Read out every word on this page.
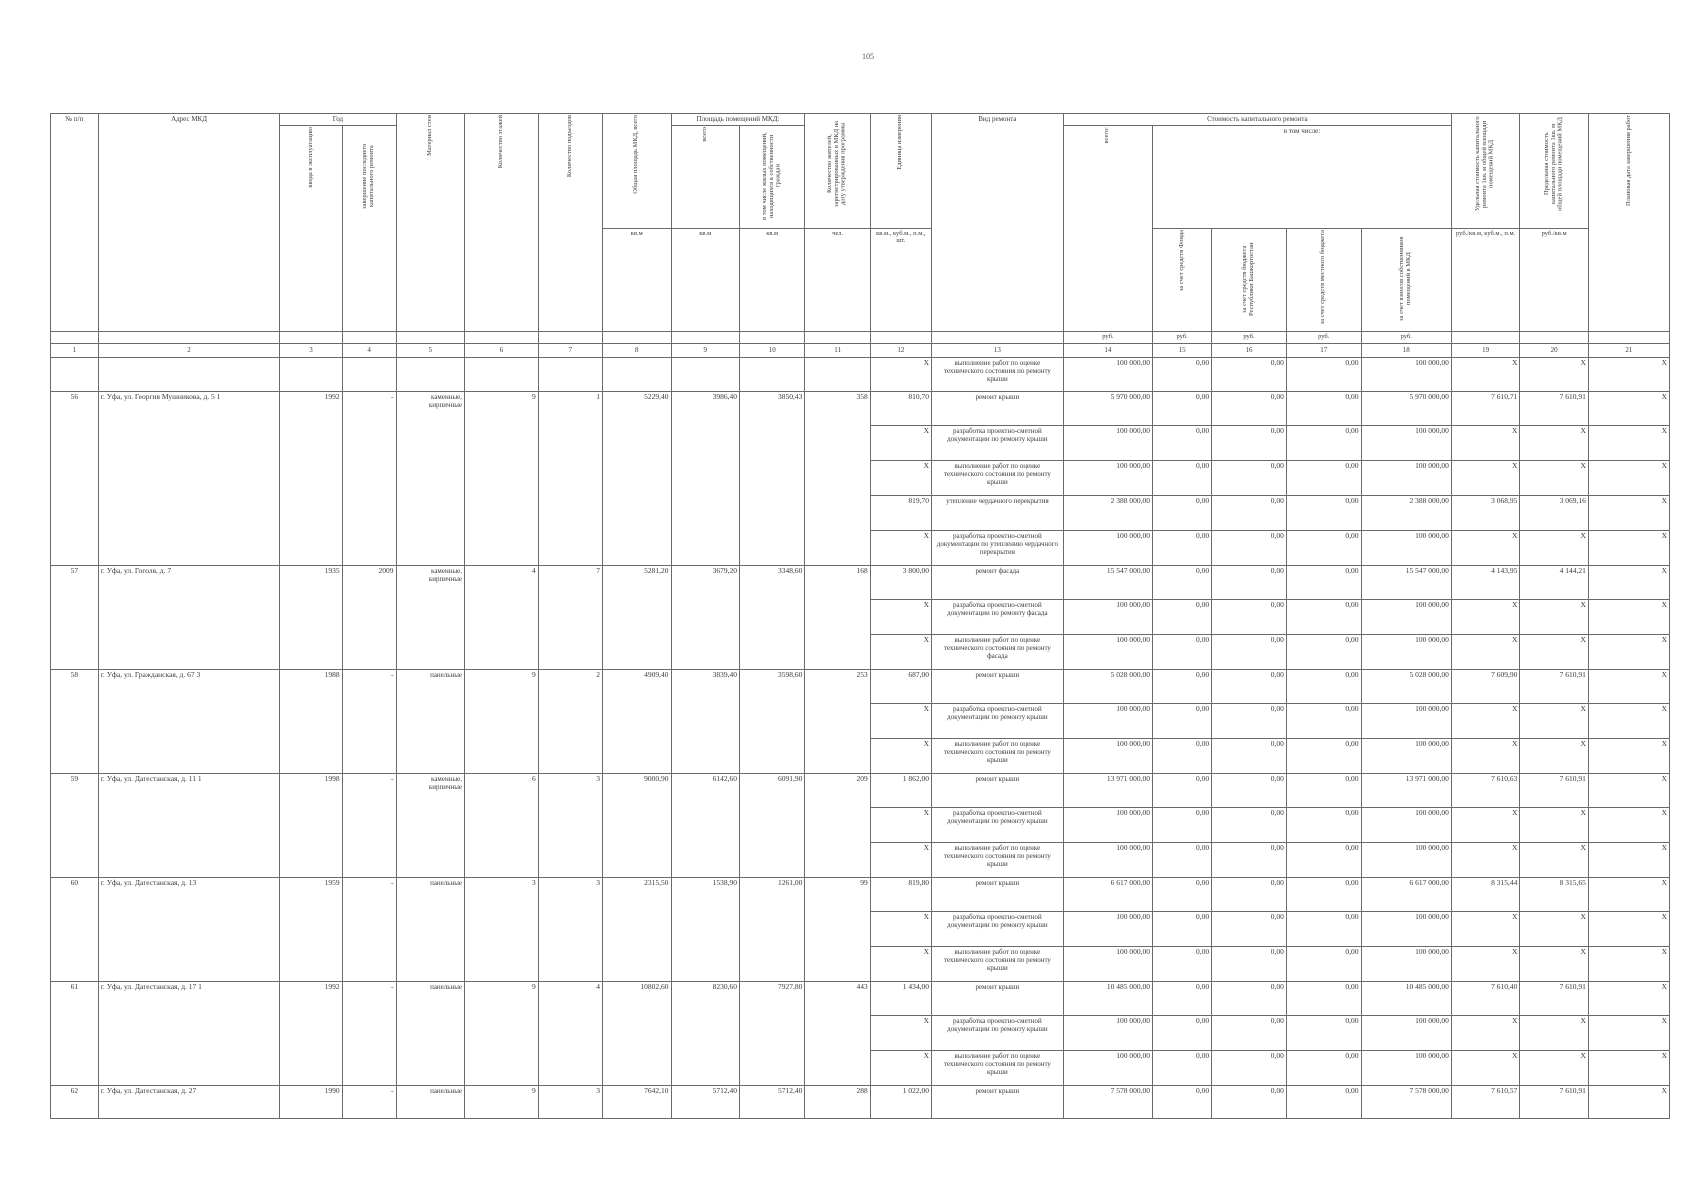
105
№ п/п	Адрес МКД	Год		Материал стен	Количество этажей	Количество подъездов	Общая площадь МКД, всего	Площадь помещений МКД:		Количество жителей, зарегистрированных в МКД на дату утверждения программы	Единица измерения	Вид ремонта	Стоимость капитального ремонта					Удельная стоимость капитального ремонта 1кв. м общей площади помещений МКД	Предельная стоимость капитального ремонта 1кв. м общей площади помещений МКД	Плановая дата завершения работ

		ввода в эксплуатацию	завершение последнего капитального ремонта					всего	в том числе жилых помещений, находящихся в собственности граждан				всего:	в том числе:						
							кв.м	кв.м	кв.м	чел.	кв.м., куб.м., п.м., шт.			за счет средств Фонда	за счет средств бюджета Республики Башкортостан	за счет средств местного бюджета	за счет взносов собственников помещений в МКД	руб./кв.м, куб.м., п.м.	руб./кв.м	
													руб.	руб.	руб.	руб.	руб.			
1	2	3	4	5	6	7	8	9	10	11	12	13	14	15	16	17	18	19	20	21
											X	выполнение работ по оценке технического состояния по ремонту крыши	100 000,00	0,00	0,00	0,00	100 000,00	X	X	X
56	г. Уфа, ул. Георгия Мушникова, д. 5 1	1992	-	каменные, кирпичные	9	1	5229,40	3986,40	3850,43	358	810,70	ремонт крыши	5 970 000,00	0,00	0,00	0,00	5 970 000,00	7 610,71	7 610,91	X
											X	разработка проектно-сметной документации по ремонту крыши	100 000,00	0,00	0,00	0,00	100 000,00	X	X	X
											X	выполнение работ по оценке технического состояния по ремонту крыши	100 000,00	0,00	0,00	0,00	100 000,00	X	X	X
											819,70	утепление чердачного перекрытия	2 388 000,00	0,00	0,00	0,00	2 388 000,00	3 068,95	3 069,16	X
											X	разработка проектно-сметной документации по утеплению чердачного перекрытия	100 000,00	0,00	0,00	0,00	100 000,00	X	X	X
57	г. Уфа, ул. Гоголя, д. 7	1935	2009	каменные, кирпичные	4	7	5281,20	3679,20	3348,60	168	3 800,00	ремонт фасада	15 547 000,00	0,00	0,00	0,00	15 547 000,00	4 143,95	4 144,21	X
											X	разработка проектно-сметной документации по ремонту фасада	100 000,00	0,00	0,00	0,00	100 000,00	X	X	X
											X	выполнение работ по оценке технического состояния по ремонту фасада	100 000,00	0,00	0,00	0,00	100 000,00	X	X	X
58	г. Уфа, ул. Гражданская, д. 67 3	1988	-	панельные	9	2	4909,40	3839,40	3598,60	253	687,00	ремонт крыши	5 028 000,00	0,00	0,00	0,00	5 028 000,00	7 609,90	7 610,91	X
											X	разработка проектно-сметной документации по ремонту крыши	100 000,00	0,00	0,00	0,00	100 000,00	X	X	X
											X	выполнение работ по оценке технического состояния по ремонту крыши	100 000,00	0,00	0,00	0,00	100 000,00	X	X	X
59	г. Уфа, ул. Дагестанская, д. 11 1	1998	-	каменные, кирпичные	6	3	9000,90	6142,60	6091,90	209	1 862,00	ремонт крыши	13 971 000,00	0,00	0,00	0,00	13 971 000,00	7 610,63	7 610,91	X
											X	разработка проектно-сметной документации по ремонту крыши	100 000,00	0,00	0,00	0,00	100 000,00	X	X	X
											X	выполнение работ по оценке технического состояния по ремонту крыши	100 000,00	0,00	0,00	0,00	100 000,00	X	X	X
60	г. Уфа, ул. Дагестанская, д. 13	1959	-	панельные	3	3	2315,50	1538,90	1261,00	99	819,80	ремонт крыши	6 617 000,00	0,00	0,00	0,00	6 617 000,00	8 315,44	8 315,65	X
											X	разработка проектно-сметной документации по ремонту крыши	100 000,00	0,00	0,00	0,00	100 000,00	X	X	X
											X	выполнение работ по оценке технического состояния по ремонту крыши	100 000,00	0,00	0,00	0,00	100 000,00	X	X	X
61	г. Уфа, ул. Дагестанская, д. 17 1	1992	-	панельные	9	4	10802,60	8230,60	7927,80	443	1 434,00	ремонт крыши	10 485 000,00	0,00	0,00	0,00	10 485 000,00	7 610,40	7 610,91	X
											X	разработка проектно-сметной документации по ремонту крыши	100 000,00	0,00	0,00	0,00	100 000,00	X	X	X
											X	выполнение работ по оценке технического состояния по ремонту крыши	100 000,00	0,00	0,00	0,00	100 000,00	X	X	X
62	г. Уфа, ул. Дагестанская, д. 27	1990	-	панельные	9	3	7642,10	5712,40	5712,40	288	1 022,00	ремонт крыши	7 578 000,00	0,00	0,00	0,00	7 578 000,00	7 610,57	7 610,91	X
